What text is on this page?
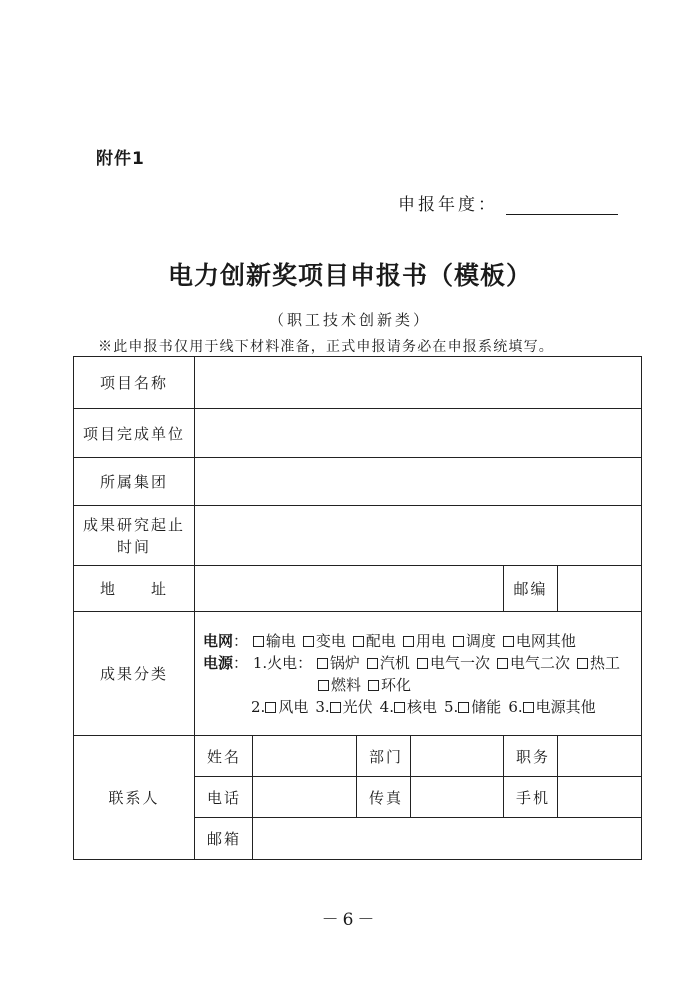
附件1
申报年度：
电力创新奖项目申报书（模板）
（职工技术创新类）
※此申报书仅用于线下材料准备，正式申报请务必在申报系统填写。
项目名称						
项目完成单位						
所属集团						

成果研究起止
时间						

地　　址					邮编	
成果分类	电网： 输电 变电 配电 用电 调度 电网其他
电源： 1.火电： 锅炉 汽机 电气一次 电气二次 热工
燃料 环化
2. 风电 3. 光伏 4. 核电 5. 储能 6. 电源其他					

联系人	姓名		部门		职务	
	电话		传真		手机	
	邮箱					
－6－
